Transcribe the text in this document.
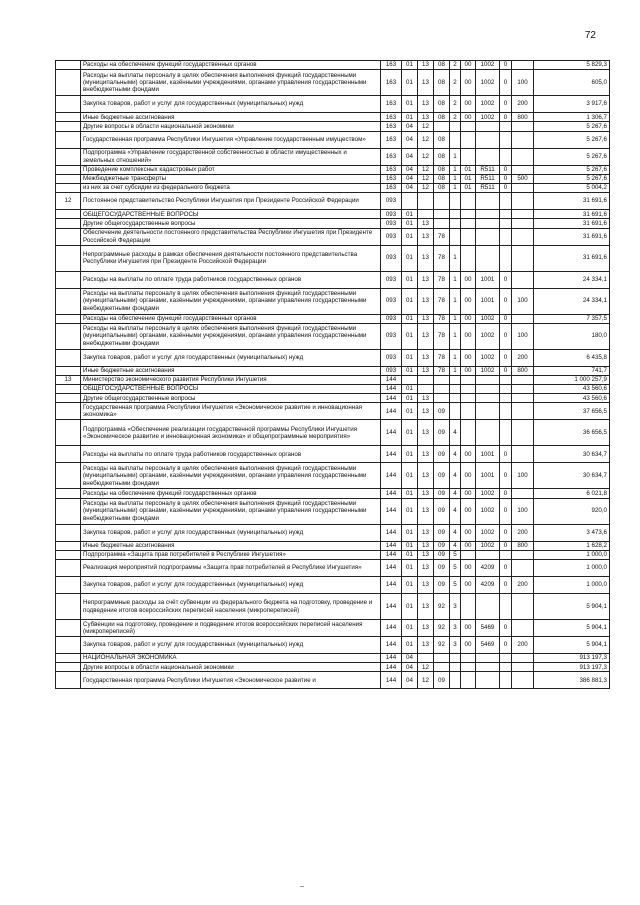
72
	Расходы на обеспечение функций государственных органов	163	01	13	08	2	00	1002	0		5 829,3
	Расходы на выплаты персоналу в целях обеспечения выполнения функций государственными (муниципальными) органами, казёнными учреждениями, органами управления государственными внебюджетными фондами	163	01	13	08	2	00	1002	0	100	605,0
	Закупка товаров, работ и услуг для государственных (муниципальных) нужд	163	01	13	08	2	00	1002	0	200	3 917,6
	Иные бюджетные ассигнования	163	01	13	08	2	00	1002	0	800	1 306,7
	Другие вопросы в области национальной экономики	163	04	12							5 267,6
	Государственная программа Республики Ингушетия «Управление государственным имуществом»	163	04	12	08						5 267,6
	Подпрограмма «Управление государственной собственностью в области имущественных и земельных отношений»	163	04	12	08	1					5 267,6
	Проведение комплексных кадастровых работ	163	04	12	08	1	01	R511	0		5 267,6
	Межбюджетные трансферты	163	04	12	08	1	01	R511	0	500	5 267,6
	из них за счет субсидии из федерального бюджета	163	04	12	08	1	01	R511	0		5 004,2
12	Постоянное представительство Республики Ингушетия при Президенте Российской Федерации	093									31 691,6
	ОБЩЕГОСУДАРСТВЕННЫЕ ВОПРОСЫ	093	01								31 691,6
	Другие общегосударственные вопросы	093	01	13							31 691,6
	Обеспечение деятельности постоянного представительства Республики Ингушетия при Президенте Российской Федерации	093	01	13	78						31 691,6
	Непрограммные расходы в рамках обеспечения деятельности постоянного представительства Республики Ингушетия при Президенте Российской Федерации	093	01	13	78	1					31 691,6
	Расходы на выплаты по оплате труда работников государственных органов	093	01	13	78	1	00	1001	0		24 334,1
	Расходы на выплаты персоналу в целях обеспечения выполнения функций государственными (муниципальными) органами, казёнными учреждениями, органами управления государственными внебюджетными фондами	093	01	13	78	1	00	1001	0	100	24 334,1
	Расходы на обеспечение функций государственных органов	093	01	13	78	1	00	1002	0		7 357,5
	Расходы на выплаты персоналу в целях обеспечения выполнения функций государственными (муниципальными) органами, казёнными учреждениями, органами управления государственными внебюджетными фондами	093	01	13	78	1	00	1002	0	100	180,0
	Закупка товаров, работ и услуг для государственных (муниципальных) нужд	093	01	13	78	1	00	1002	0	200	6 435,8
	Иные бюджетные ассигнования	093	01	13	78	1	00	1002	0	800	741,7
13	Министерство экономического развития Республики Ингушетия	144									1 000 257,9
	ОБЩЕГОСУДАРСТВЕННЫЕ ВОПРОСЫ	144	01								43 560,6
	Другие общегосударственные вопросы	144	01	13							43 560,6
	Государственная программа Республики Ингушетия «Экономическое развитие и инновационная экономика»	144	01	13	09						37 656,5
	Подпрограмма «Обеспечение реализации государственной программы Республики Ингушетия «Экономическое развитие и инновационная экономика» и общепрограммные мероприятия»	144	01	13	09	4					36 656,5
	Расходы на выплаты по оплате труда работников государственных органов	144	01	13	09	4	00	1001	0		30 634,7
	Расходы на выплаты персоналу в целях обеспечения выполнения функций государственными (муниципальными) органами, казёнными учреждениями, органами управления государственными внебюджетными фондами	144	01	13	09	4	00	1001	0	100	30 634,7
	Расходы на обеспечение функций государственных органов	144	01	13	09	4	00	1002	0		6 021,8
	Расходы на выплаты персоналу в целях обеспечения выполнения функций государственными (муниципальными) органами, казёнными учреждениями, органами управления государственными внебюджетными фондами	144	01	13	09	4	00	1002	0	100	920,0
	Закупка товаров, работ и услуг для государственных (муниципальных) нужд	144	01	13	09	4	00	1002	0	200	3 473,6
	Иные бюджетные ассигнования	144	01	13	09	4	00	1002	0	800	1 628,2
	Подпрограмма «Защита прав потребителей в Республике Ингушетия»	144	01	13	09	5					1 000,0
	Реализация мероприятий подпрограммы «Защита прав потребителей в Республике Ингушетия»	144	01	13	09	5	00	4209	0		1 000,0
	Закупка товаров, работ и услуг для государственных (муниципальных) нужд	144	01	13	09	5	00	4209	0	200	1 000,0
	Непрограммные расходы за счёт субвенции из федерального бюджета на подготовку, проведение и подведение итогов всероссийских переписей населения (микропереписей)	144	01	13	92	3					5 904,1
	Субвенции на подготовку, проведение и подведение итогов всероссийских переписей населения (микропереписей)	144	01	13	92	3	00	5469	0		5 904,1
	Закупка товаров, работ и услуг для государственных (муниципальных) нужд	144	01	13	92	3	00	5469	0	200	5 904,1
	НАЦИОНАЛЬНАЯ ЭКОНОМИКА	144	04								913 197,3
	Другие вопросы в области национальной экономики	144	04	12							913 197,3
	Государственная программа Республики Ингушетия «Экономическое развитие и	144	04	12	09						386 881,3
